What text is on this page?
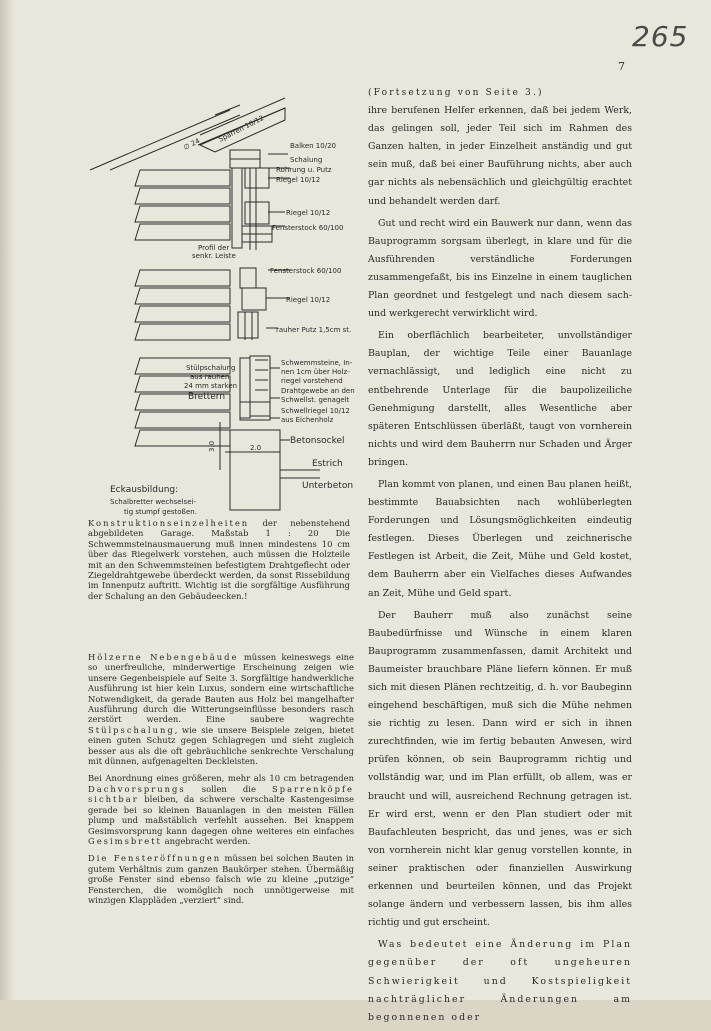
265
7
Sparren 10/12
∅ 24	Balken 10/20
Schalung
Rohrung u. Putz
Riegel 10/12
Riegel 10/12
Fensterstock 60/100
Profil der
senkr. Leiste
Fensterstock 60/100
Riegel 10/12
rauher Putz 1,5cm st.
Stülpschalung
aus rauhen
24 mm starken
Brettern
Schwemmsteine, In-
nen 1cm über Holz-
riegel vorstehend
Drahtgewebe an den
Schwellst. genagelt
Schwellriegel 10/12
aus Eichenholz
Betonsockel
3.0	2.0
Estrich
Unterbeton
Eckausbildung:
Schalbretter wechselsei-
tig stumpf gestoßen.
Konstruktionseinzelheiten der nebenstehend abgebildeten Garage. Maßstab 1 : 20 Die Schwemmsteinausmauerung muß innen mindestens 10 cm über das Riegelwerk vorstehen, auch müssen die Holzteile mit an den Schwemmsteinen befestigtem Drahtgeflecht oder Ziegeldrahtgewebe überdeckt werden, da sonst Rissebildung im Innenputz auftritt. Wichtig ist die sorgfältige Ausführung der Schalung an den Gebäudeecken.!

Hölzerne Nebengebäude müssen keineswegs eine so unerfreuliche, minderwertige Erscheinung zeigen wie unsere Gegenbeispiele auf Seite 3. Sorgfältige handwerkliche Ausführung ist hier kein Luxus, sondern eine wirtschaftliche Notwendigkeit, da gerade Bauten aus Holz bei mangelhafter Ausführung durch die Witterungseinflüsse besonders rasch zerstört werden. Eine saubere wagrechte Stülpschalung, wie sie unsere Beispiele zeigen, bietet einen guten Schutz gegen Schlagregen und sieht zugleich besser aus als die oft gebräuchliche senkrechte Verschalung mit dünnen, aufgenagelten Deckleisten.

Bei Anordnung eines größeren, mehr als 10 cm betragenden Dachvorsprungs sollen die Sparrenköpfe sichtbar bleiben, da schwere verschalte Kastengesimse gerade bei so kleinen Bauanlagen in den meisten Fällen plump und maßstäblich verfehlt aussehen. Bei knappem Gesimsvorsprung kann dagegen ohne weiteres ein einfaches Gesimsbrett angebracht werden.

Die Fensteröffnungen müssen bei solchen Bauten in gutem Verhältnis zum ganzen Baukörper stehen. Übermäßig große Fenster sind ebenso falsch wie zu kleine „putzige“ Fensterchen, die womöglich noch unnötigerweise mit winzigen Klappläden „verziert“ sind.

(Fortsetzung von Seite 3.)

ihre berufenen Helfer erkennen, daß bei jedem Werk, das gelingen soll, jeder Teil sich im Rahmen des Ganzen halten, in jeder Einzelheit anständig und gut sein muß, daß bei einer Bauführung nichts, aber auch gar nichts als nebensächlich und gleichgültig erachtet und behandelt werden darf.

Gut und recht wird ein Bauwerk nur dann, wenn das Bauprogramm sorgsam überlegt, in klare und für die Ausführenden verständliche Forderungen zusammengefaßt, bis ins Einzelne in einem tauglichen Plan geordnet und festgelegt und nach diesem sach- und werkgerecht verwirklicht wird.

Ein oberflächlich bearbeiteter, unvollständiger Bauplan, der wichtige Teile einer Bauanlage vernachlässigt, und lediglich eine nicht zu entbehrende Unterlage für die baupolizeiliche Genehmigung darstellt, alles Wesentliche aber späteren Entschlüssen überläßt, taugt von vornherein nichts und wird dem Bauherrn nur Schaden und Ärger bringen.

Plan kommt von planen, und einen Bau planen heißt, bestimmte Bauabsichten nach wohlüberlegten Forderungen und Lösungsmöglichkeiten eindeutig festlegen. Dieses Überlegen und zeichnerische Festlegen ist Arbeit, die Zeit, Mühe und Geld kostet, dem Bauherrn aber ein Vielfaches dieses Aufwandes an Zeit, Mühe und Geld spart.

Der Bauherr muß also zunächst seine Baubedürfnisse und Wünsche in einem klaren Bauprogramm zusammenfassen, damit Architekt und Baumeister brauchbare Pläne liefern können. Er muß sich mit diesen Plänen rechtzeitig, d. h. vor Baubeginn eingehend beschäftigen, muß sich die Mühe nehmen sie richtig zu lesen. Dann wird er sich in ihnen zurechtfinden, wie im fertig bebauten Anwesen, wird prüfen können, ob sein Bauprogramm richtig und vollständig war, und im Plan erfüllt, ob allem, was er braucht und will, ausreichend Rechnung getragen ist. Er wird erst, wenn er den Plan studiert oder mit Baufachleuten bespricht, das und jenes, was er sich von vornherein nicht klar genug vorstellen konnte, in seiner praktischen oder finanziellen Auswirkung erkennen und beurteilen können, und das Projekt solange ändern und verbessern lassen, bis ihm alles richtig und gut erscheint.

Was bedeutet eine Änderung im Plan gegenüber der oft ungeheuren Schwierigkeit und Kostspieligkeit nachträglicher Änderungen am begonnenen oder
